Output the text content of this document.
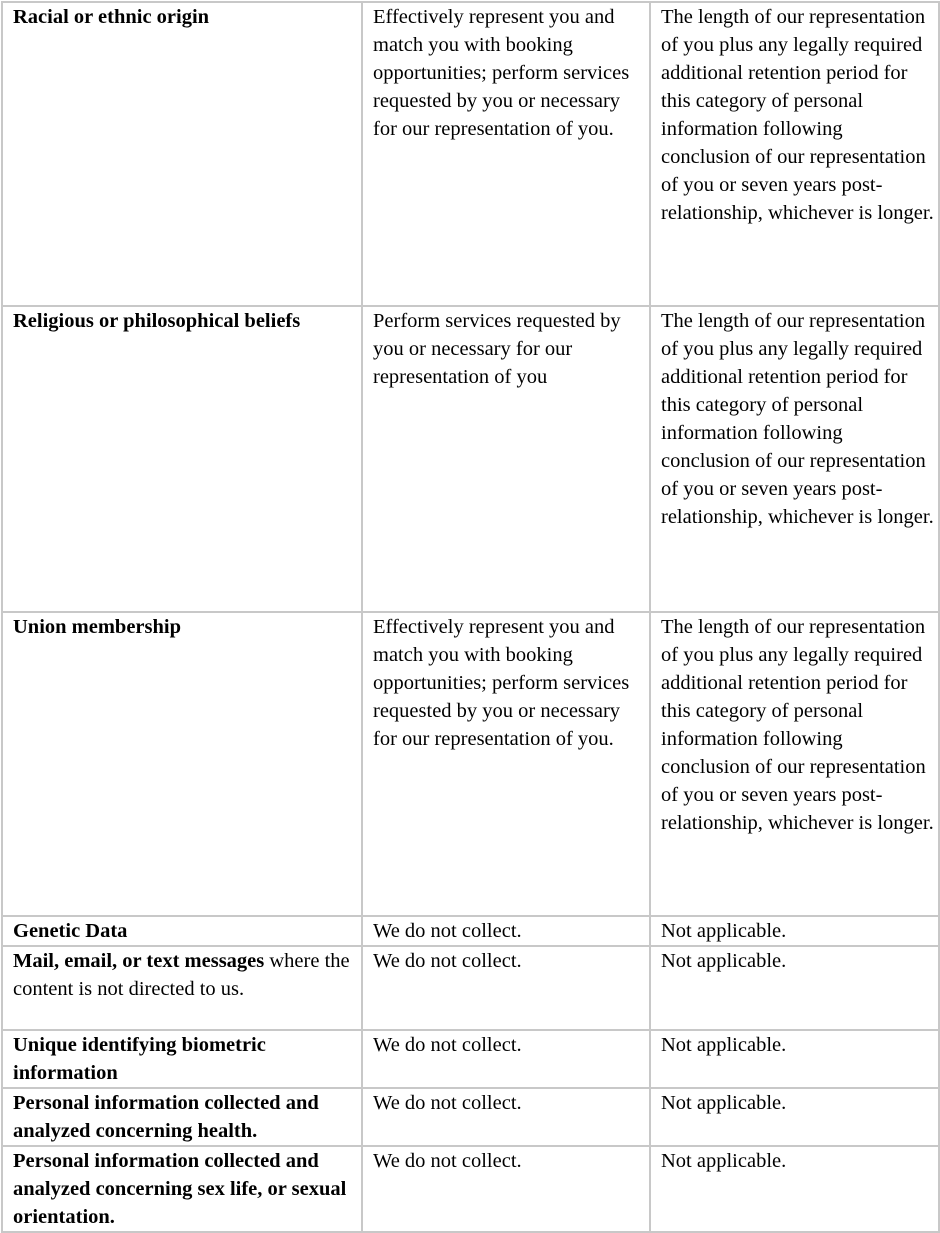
Racial or ethnic origin	Effectively represent you and match you with booking opportunities; perform services requested by you or necessary for our representation of you.	The length of our representation of you plus any legally required additional retention period for this category of personal information following conclusion of our representation of you or seven years post-relationship, whichever is longer.
Religious or philosophical beliefs	Perform services requested by you or necessary for our representation of you	The length of our representation of you plus any legally required additional retention period for this category of personal information following conclusion of our representation of you or seven years post-relationship, whichever is longer.
Union membership	Effectively represent you and match you with booking opportunities; perform services requested by you or necessary for our representation of you.	The length of our representation of you plus any legally required additional retention period for this category of personal information following conclusion of our representation of you or seven years post-relationship, whichever is longer.
Genetic Data	We do not collect.	Not applicable.
Mail, email, or text messages where the content is not directed to us.	We do not collect.	Not applicable.
Unique identifying biometric information	We do not collect.	Not applicable.
Personal information collected and analyzed concerning health.	We do not collect.	Not applicable.
Personal information collected and analyzed concerning sex life, or sexual orientation.	We do not collect.	Not applicable.
